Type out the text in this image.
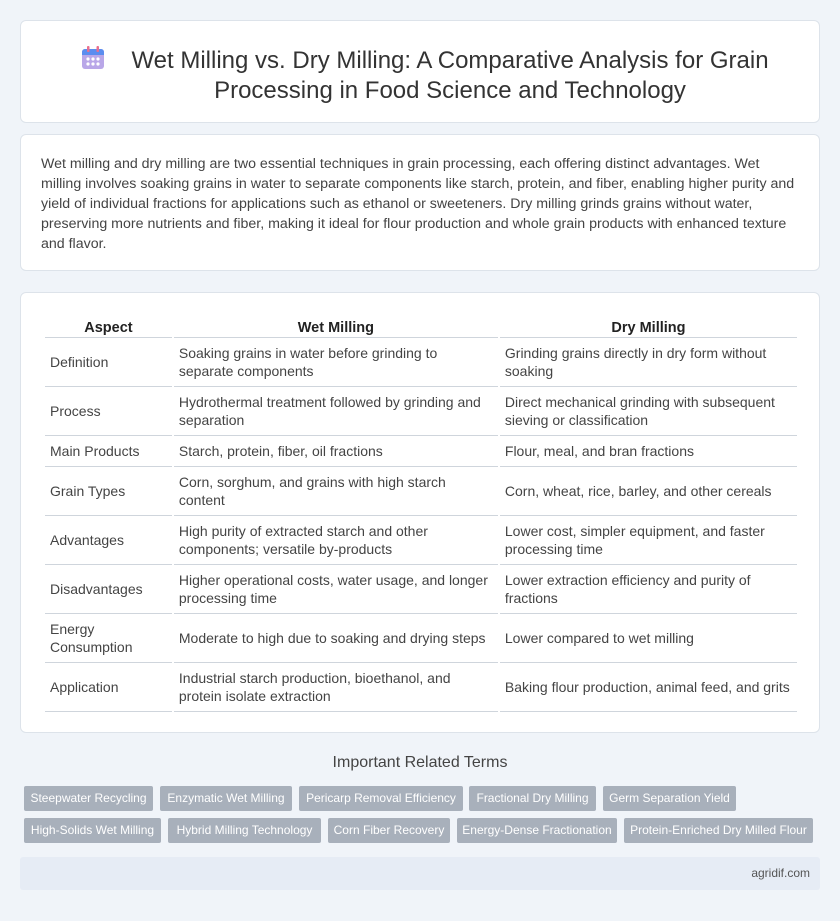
Wet Milling vs. Dry Milling: A Comparative Analysis for Grain Processing in Food Science and Technology

Wet milling and dry milling are two essential techniques in grain processing, each offering distinct advantages. Wet milling involves soaking grains in water to separate components like starch, protein, and fiber, enabling higher purity and yield of individual fractions for applications such as ethanol or sweeteners. Dry milling grinds grains without water, preserving more nutrients and fiber, making it ideal for flour production and whole grain products with enhanced texture and flavor.

Aspect	Wet Milling	Dry Milling
Definition	Soaking grains in water before grinding to separate components	Grinding grains directly in dry form without soaking
Process	Hydrothermal treatment followed by grinding and separation	Direct mechanical grinding with subsequent sieving or classification
Main Products	Starch, protein, fiber, oil fractions	Flour, meal, and bran fractions
Grain Types	Corn, sorghum, and grains with high starch content	Corn, wheat, rice, barley, and other cereals
Advantages	High purity of extracted starch and other components; versatile by-products	Lower cost, simpler equipment, and faster processing time
Disadvantages	Higher operational costs, water usage, and longer processing time	Lower extraction efficiency and purity of fractions
Energy Consumption	Moderate to high due to soaking and drying steps	Lower compared to wet milling
Application	Industrial starch production, bioethanol, and protein isolate extraction	Baking flour production, animal feed, and grits
Important Related Terms
Steepwater Recycling	Enzymatic Wet Milling	Pericarp Removal Efficiency	Fractional Dry Milling	Germ Separation Yield
High-Solids Wet Milling	Hybrid Milling Technology	Corn Fiber Recovery	Energy-Dense Fractionation	Protein-Enriched Dry Milled Flour
agridif.com
